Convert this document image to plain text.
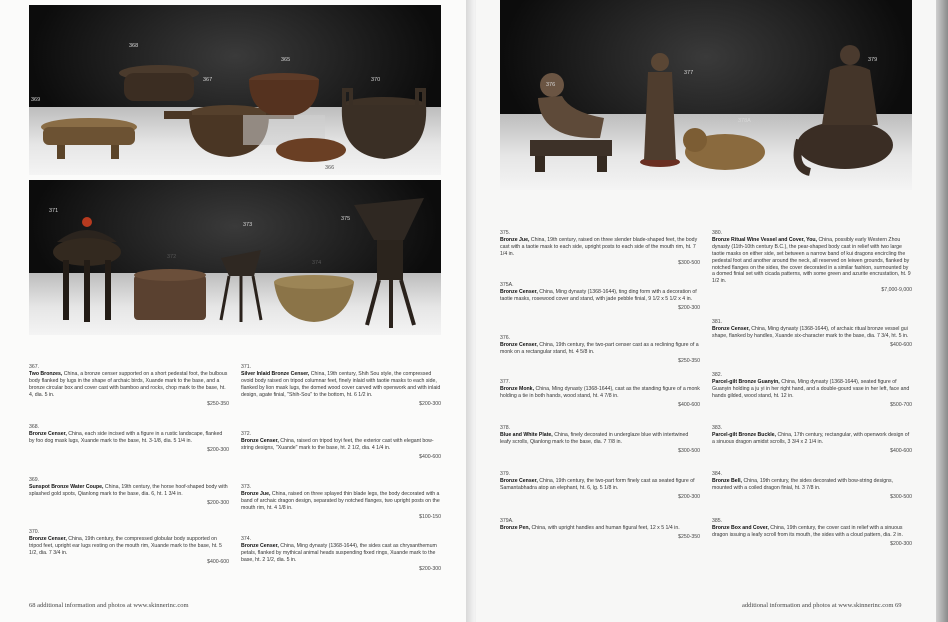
368
367
369
365
370
366
371
372
373
374
375
367.
Two Bronzes, China, a bronze censer supported on a short pedestal foot, the bulbous body flanked by lugs in the shape of archaic birds, Xuande mark to the base, and a bronze circular box and cover cast with bamboo and rocks, chop mark to the base, ht. 4, dia. 5 in.
$250-350
368.
Bronze Censer, China, each side incised with a figure in a rustic landscape, flanked by foo dog mask lugs, Xuande mark to the base, ht. 3-1/8, dia. 5 1/4 in.
$200-300
369.
Sunspot Bronze Water Coupe, China, 19th century, the horse hoof-shaped body with splashed gold spots, Qianlong mark to the base, dia. 6, ht. 1 3/4 in.
$200-300
370.
Bronze Censer, China, 19th century, the compressed globular body supported on tripod feet, upright ear lugs resting on the mouth rim, Xuande mark to the base, ht. 5 1/2, dia. 7 3/4 in.
$400-600
371.
Silver Inlaid Bronze Censer, China, 19th century, Shih Sou style, the compressed ovoid body raised on tripod columnar feet, finely inlaid with taotie masks to each side, flanked by lion mask lugs, the domed wood cover carved with openwork and with inlaid design, agate finial, "Shih-Sou" to the bottom, ht. 6 1/2 in.
$200-300
372.
Bronze Censer, China, raised on tripod toyi feet, the exterior cast with elegant bow-string designs, "Xuande" mark to the base, ht. 2 1/2, dia. 4 1/4 in.
$400-600
373.
Bronze Jue, China, raised on three splayed thin blade legs, the body decorated with a band of archaic dragon design, separated by notched flanges, two upright posts on the mouth rim, ht. 4 1/8 in.
$100-150
374.
Bronze Censer, China, Ming dynasty (1368-1644), the sides cast as chrysanthemum petals, flanked by mythical animal heads suspending fixed rings, Xuande mark to the base, ht. 2 1/2, dia. 5 in.
$200-300
68 additional information and photos at www.skinnerinc.com
376
377
378A
379
375.
Bronze Jue, China, 19th century, raised on three slender blade-shaped feet, the body cast with a taotie mask to each side, upright posts to each side of the mouth rim, ht. 7 1/4 in.
$300-500
375A.
Bronze Censer, China, Ming dynasty (1368-1644), ting ding form with a decoration of taotie masks, rosewood cover and stand, with jade pebble finial, 9 1/2 x 5 1/2 x 4 in.
$200-300
376.
Bronze Censer, China, 19th century, the two-part censer cast as a reclining figure of a monk on a rectangular stand, ht. 4 5/8 in.
$250-350
377.
Bronze Monk, China, Ming dynasty (1368-1644), cast as the standing figure of a monk holding a tie in both hands, wood stand, ht. 4 7/8 in.
$400-600
378.
Blue and White Plate, China, finely decorated in underglaze blue with intertwined leafy scrolls, Qianlong mark to the base, dia. 7 7/8 in.
$300-500
379.
Bronze Censer, China, 19th century, the two-part form finely cast as seated figure of Samantabhadra atop an elephant, ht. 6, lg. 5 1/8 in.
$200-300
379A.
Bronze Pen, China, with upright handles and human figural feet, 12 x 5 1/4 in.
$250-350
380.
Bronze Ritual Wine Vessel and Cover, You, China, possibly early Western Zhou dynasty (11th-10th century B.C.), the pear-shaped body cast in relief with two large taotie masks on either side, set between a narrow band of kui dragons encircling the pedestal foot and another around the neck, all reserved on leiwen grounds, flanked by notched flanges on the sides, the cover decorated in a similar fashion, surmounted by a domed finial set with cicada patterns, with some green and azurite encrustation, ht. 9 1/2 in.
$7,000-9,000
381.
Bronze Censer, China, Ming dynasty (1368-1644), of archaic ritual bronze vessel gui shape, flanked by handles, Xuande six-character mark to the base, dia. 7 3/4, ht. 5 in.
$400-600
382.
Parcel-gilt Bronze Guanyin, China, Ming dynasty (1368-1644), seated figure of Guanyin holding a ju yi in her right hand, and a double-gourd vase in her left, face and hands gilded, wood stand, ht. 12 in.
$500-700
383.
Parcel-gilt Bronze Buckle, China, 17th century, rectangular, with openwork design of a sinuous dragon amidst scrolls, 3 3/4 x 2 1/4 in.
$400-600
384.
Bronze Bell, China, 19th century, the sides decorated with bow-string designs, mounted with a coiled dragon finial, ht. 3 7/8 in.
$300-500
385.
Bronze Box and Cover, China, 19th century, the cover cast in relief with a sinuous dragon issuing a leafy scroll from its mouth, the sides with a cloud pattern, dia. 2 in.
$200-300
additional information and photos at www.skinnerinc.com 69
